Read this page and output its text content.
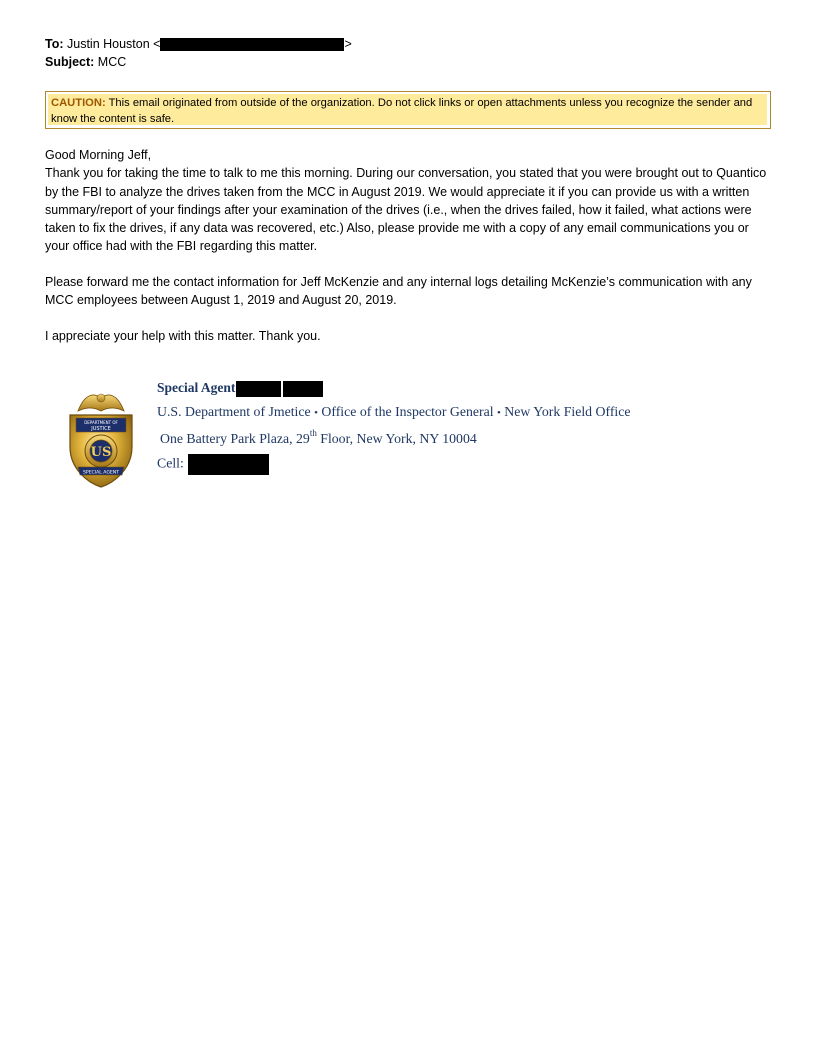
To: Justin Houston <	>
Subject: MCC
CAUTION: This email originated from outside of the organization. Do not click links or open attachments unless you recognize the sender and know the content is safe.
Good Morning Jeff,
Thank you for taking the time to talk to me this morning. During our conversation, you stated that you were brought out to Quantico by the FBI to analyze the drives taken from the MCC in August 2019. We would appreciate it if you can provide us with a written summary/report of your findings after your examination of the drives (i.e., when the drives failed, how it failed, what actions were taken to fix the drives, if any data was recovered, etc.) Also, please provide me with a copy of any email communications you or your office had with the FBI regarding this matter.
Please forward me the contact information for Jeff McKenzie and any internal logs detailing McKenzie’s communication with any MCC employees between August 1, 2019 and August 20, 2019.
I appreciate your help with this matter. Thank you.
DEPARTMENT OF
JUSTICE
US
SPECIAL AGENT
Special Agent
U.S. Department of Jmetice • Office of the Inspector General • New York Field Office
One Battery Park Plaza, 29th Floor, New York, NY 10004
Cell:
